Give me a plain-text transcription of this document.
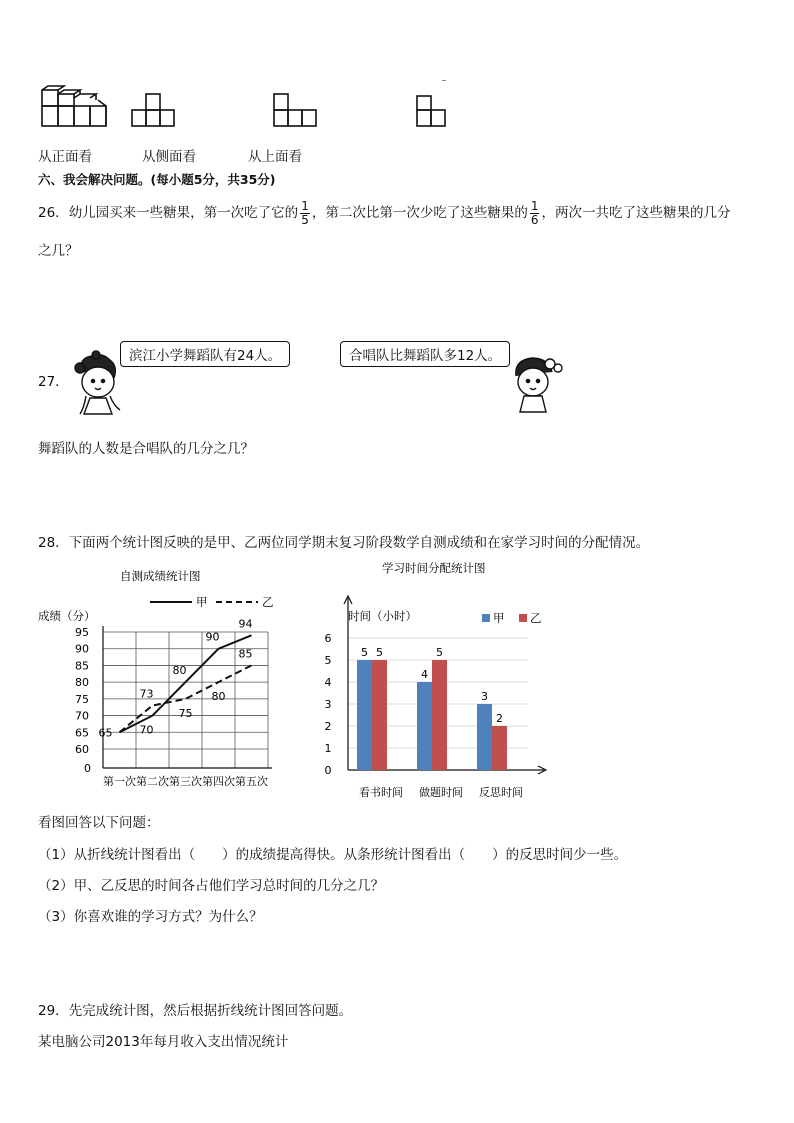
从正面看	从侧面看	从上面看
六、我会解决问题。(每小题5分，共35分)
26．幼儿园买来一些糖果，第一次吃了它的 $\frac{1}{5}$ ，第二次比第一次少吃了这些糖果的 $\frac{1}{6}$ ，两次一共吃了这些糖果的几分
之几？
27．
滨江小学舞蹈队有24人。	合唱队比舞蹈队多12人。
舞蹈队的人数是合唱队的几分之几？
28．下面两个统计图反映的是甲、乙两位同学期末复习阶段数学自测成绩和在家学习时间的分配情况。
自测成绩统计图
成绩（分）
甲	乙
0
60
65
70
75
80
85
90
95
第一次 第二次 第三次 第四次 第五次
65 70
80
90
94
73
75
80
85
学习时间分配统计图
时间（小时）	甲 乙
0
1
2
3
4
5
6
看书时间 做题时间 反思时间
5 5
4
5
3
2
看图回答以下问题：
（1）从折线统计图看出（　　）的成绩提高得快。从条形统计图看出（　　）的反思时间少一些。
（2）甲、乙反思的时间各占他们学习总时间的几分之几？
（3）你喜欢谁的学习方式？为什么？
29．先完成统计图，然后根据折线统计图回答问题。
某电脑公司2013年每月收入支出情况统计
